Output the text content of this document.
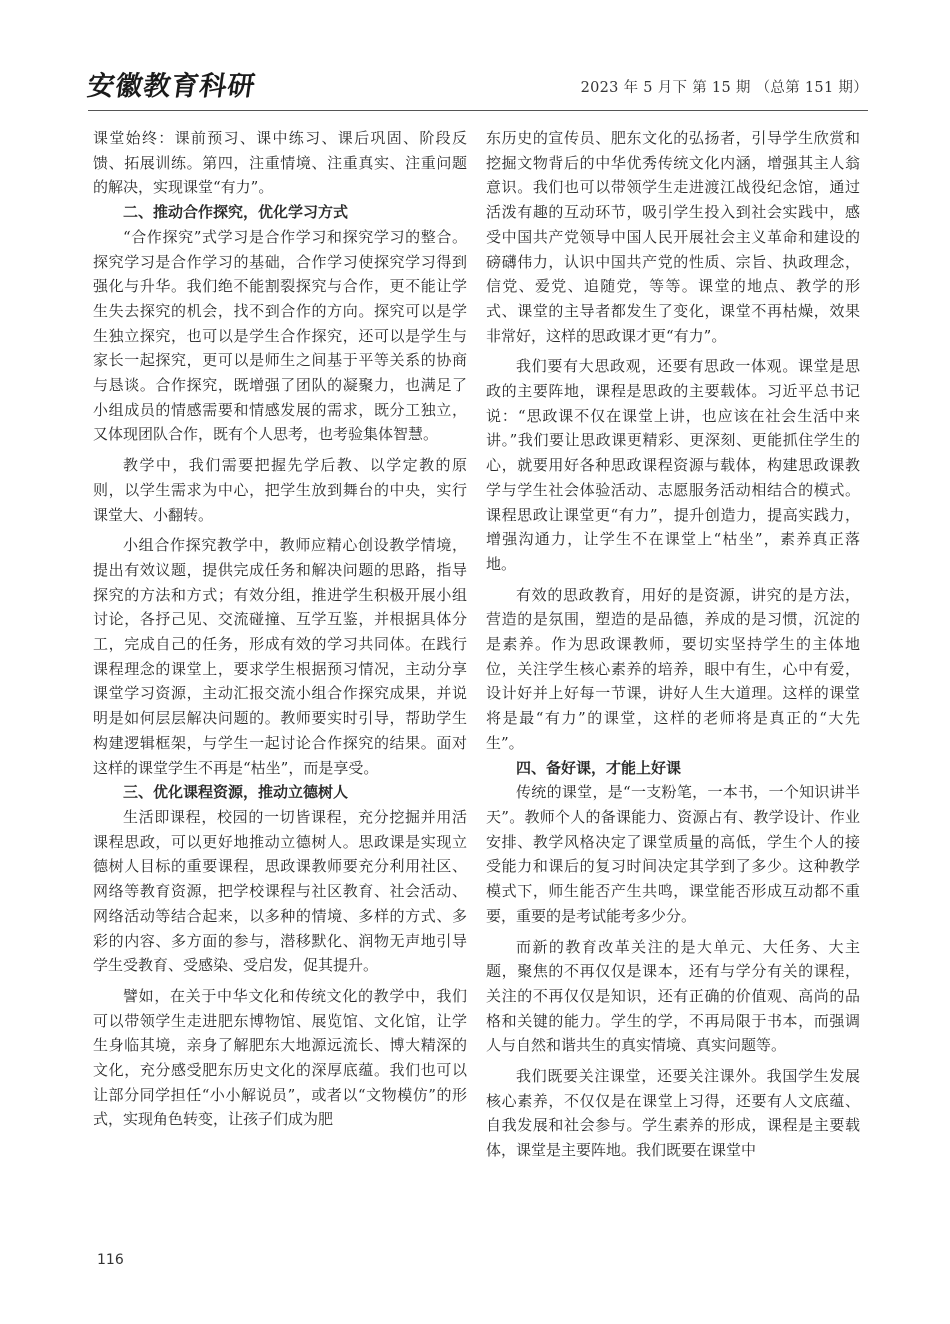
安徽教育科研	2023 年 5 月下 第 15 期 （总第 151 期）

课堂始终：课前预习、课中练习、课后巩固、阶段反馈、拓展训练。第四，注重情境、注重真实、注重问题的解决，实现课堂“有力”。

二、推动合作探究，优化学习方式

“合作探究”式学习是合作学习和探究学习的整合。探究学习是合作学习的基础，合作学习使探究学习得到强化与升华。我们绝不能割裂探究与合作，更不能让学生失去探究的机会，找不到合作的方向。探究可以是学生独立探究，也可以是学生合作探究，还可以是学生与家长一起探究，更可以是师生之间基于平等关系的协商与恳谈。合作探究，既增强了团队的凝聚力，也满足了小组成员的情感需要和情感发展的需求，既分工独立，又体现团队合作，既有个人思考，也考验集体智慧。

教学中，我们需要把握先学后教、以学定教的原则，以学生需求为中心，把学生放到舞台的中央，实行课堂大、小翻转。

小组合作探究教学中，教师应精心创设教学情境，提出有效议题，提供完成任务和解决问题的思路，指导探究的方法和方式；有效分组，推进学生积极开展小组讨论，各抒己见、交流碰撞、互学互鉴，并根据具体分工，完成自己的任务，形成有效的学习共同体。在践行课程理念的课堂上，要求学生根据预习情况，主动分享课堂学习资源，主动汇报交流小组合作探究成果，并说明是如何层层解决问题的。教师要实时引导，帮助学生构建逻辑框架，与学生一起讨论合作探究的结果。面对这样的课堂学生不再是“枯坐”，而是享受。

三、优化课程资源，推动立德树人

生活即课程，校园的一切皆课程，充分挖掘并用活课程思政，可以更好地推动立德树人。思政课是实现立德树人目标的重要课程，思政课教师要充分利用社区、网络等教育资源，把学校课程与社区教育、社会活动、网络活动等结合起来，以多种的情境、多样的方式、多彩的内容、多方面的参与，潜移默化、润物无声地引导学生受教育、受感染、受启发，促其提升。

譬如，在关于中华文化和传统文化的教学中，我们可以带领学生走进肥东博物馆、展览馆、文化馆，让学生身临其境，亲身了解肥东大地源远流长、博大精深的文化，充分感受肥东历史文化的深厚底蕴。我们也可以让部分同学担任“小小解说员”，或者以“文物模仿”的形式，实现角色转变，让孩子们成为肥

东历史的宣传员、肥东文化的弘扬者，引导学生欣赏和挖掘文物背后的中华优秀传统文化内涵，增强其主人翁意识。我们也可以带领学生走进渡江战役纪念馆，通过活泼有趣的互动环节，吸引学生投入到社会实践中，感受中国共产党领导中国人民开展社会主义革命和建设的磅礴伟力，认识中国共产党的性质、宗旨、执政理念，信党、爱党、追随党，等等。课堂的地点、教学的形式、课堂的主导者都发生了变化，课堂不再枯燥，效果非常好，这样的思政课才更“有力”。

我们要有大思政观，还要有思政一体观。课堂是思政的主要阵地，课程是思政的主要载体。习近平总书记说：“思政课不仅在课堂上讲，也应该在社会生活中来讲。”我们要让思政课更精彩、更深刻、更能抓住学生的心，就要用好各种思政课程资源与载体，构建思政课教学与学生社会体验活动、志愿服务活动相结合的模式。课程思政让课堂更“有力”，提升创造力，提高实践力，增强沟通力，让学生不在课堂上“枯坐”，素养真正落地。

有效的思政教育，用好的是资源，讲究的是方法，营造的是氛围，塑造的是品德，养成的是习惯，沉淀的是素养。作为思政课教师，要切实坚持学生的主体地位，关注学生核心素养的培养，眼中有生，心中有爱，设计好并上好每一节课，讲好人生大道理。这样的课堂将是最“有力”的课堂，这样的老师将是真正的“大先生”。

四、备好课，才能上好课

传统的课堂，是“一支粉笔，一本书，一个知识讲半天”。教师个人的备课能力、资源占有、教学设计、作业安排、教学风格决定了课堂质量的高低，学生个人的接受能力和课后的复习时间决定其学到了多少。这种教学模式下，师生能否产生共鸣，课堂能否形成互动都不重要，重要的是考试能考多少分。

而新的教育改革关注的是大单元、大任务、大主题，聚焦的不再仅仅是课本，还有与学分有关的课程，关注的不再仅仅是知识，还有正确的价值观、高尚的品格和关键的能力。学生的学，不再局限于书本，而强调人与自然和谐共生的真实情境、真实问题等。

我们既要关注课堂，还要关注课外。我国学生发展核心素养，不仅仅是在课堂上习得，还要有人文底蕴、自我发展和社会参与。学生素养的形成，课程是主要载体，课堂是主要阵地。我们既要在课堂中

116
